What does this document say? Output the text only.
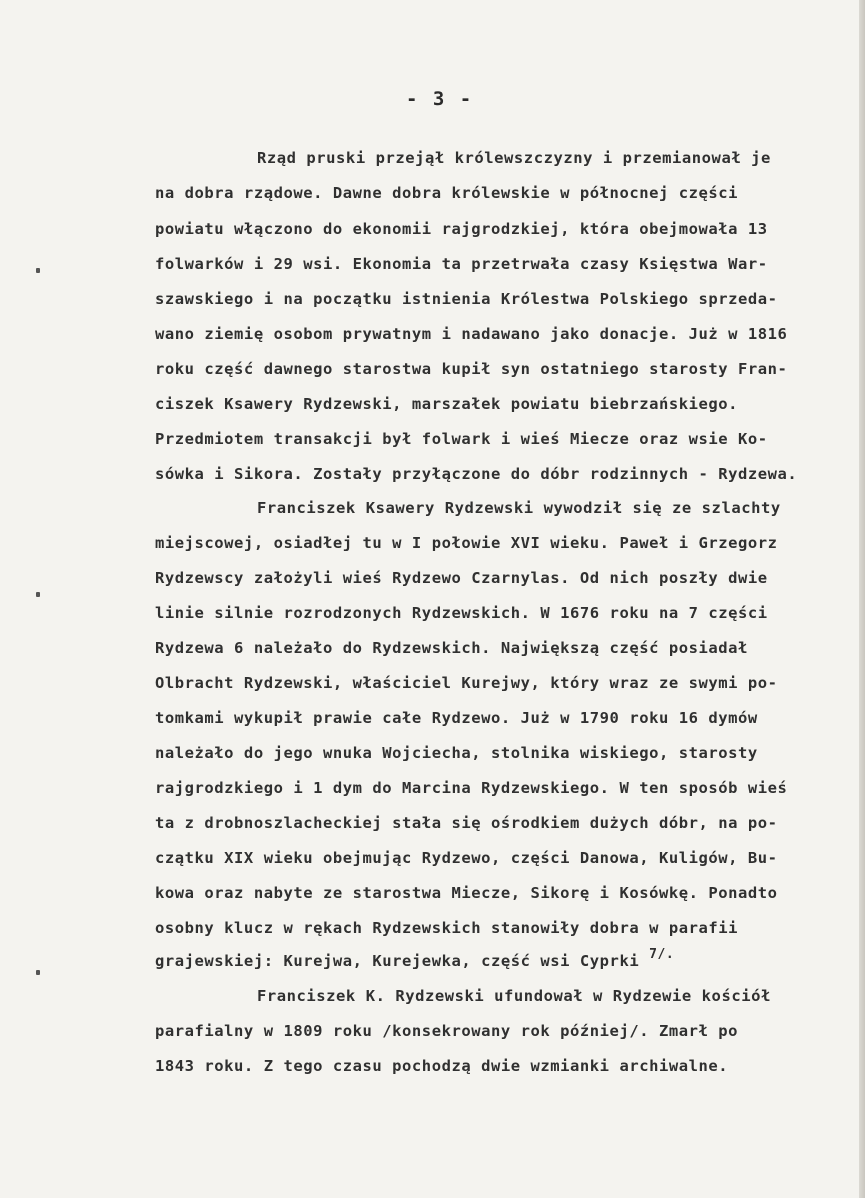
- 3 -
Rząd pruski przejął królewszczyzny i przemianował je
na dobra rządowe. Dawne dobra królewskie w północnej części
powiatu włączono do ekonomii rajgrodzkiej, która obejmowała 13
folwarków i 29 wsi. Ekonomia ta przetrwała czasy Księstwa War-
szawskiego i na początku istnienia Królestwa Polskiego sprzeda-
wano ziemię osobom prywatnym i nadawano jako donacje. Już w 1816
roku część dawnego starostwa kupił syn ostatniego starosty Fran-
ciszek Ksawery Rydzewski, marszałek powiatu biebrzańskiego.
Przedmiotem transakcji był folwark i wieś Miecze oraz wsie Ko-
sówka i Sikora. Zostały przyłączone do dóbr rodzinnych - Rydzewa.
Franciszek Ksawery Rydzewski wywodził się ze szlachty
miejscowej, osiadłej tu w I połowie XVI wieku. Paweł i Grzegorz
Rydzewscy założyli wieś Rydzewo Czarnylas. Od nich poszły dwie
linie silnie rozrodzonych Rydzewskich. W 1676 roku na 7 części
Rydzewa 6 należało do Rydzewskich. Największą część posiadał
Olbracht Rydzewski, właściciel Kurejwy, który wraz ze swymi po-
tomkami wykupił prawie całe Rydzewo. Już w 1790 roku 16 dymów
należało do jego wnuka Wojciecha, stolnika wiskiego, starosty
rajgrodzkiego i 1 dym do Marcina Rydzewskiego. W ten sposób wieś
ta z drobnoszlacheckiej stała się ośrodkiem dużych dóbr, na po-
czątku XIX wieku obejmując Rydzewo, części Danowa, Kuligów, Bu-
kowa oraz nabyte ze starostwa Miecze, Sikorę i Kosówkę. Ponadto
osobny klucz w rękach Rydzewskich stanowiły dobra w parafii
grajewskiej: Kurejwa, Kurejewka, część wsi Cyprki $^{7/.}$
Franciszek K. Rydzewski ufundował w Rydzewie kościół
parafialny w 1809 roku /konsekrowany rok później/. Zmarł po
1843 roku. Z tego czasu pochodzą dwie wzmianki archiwalne.
